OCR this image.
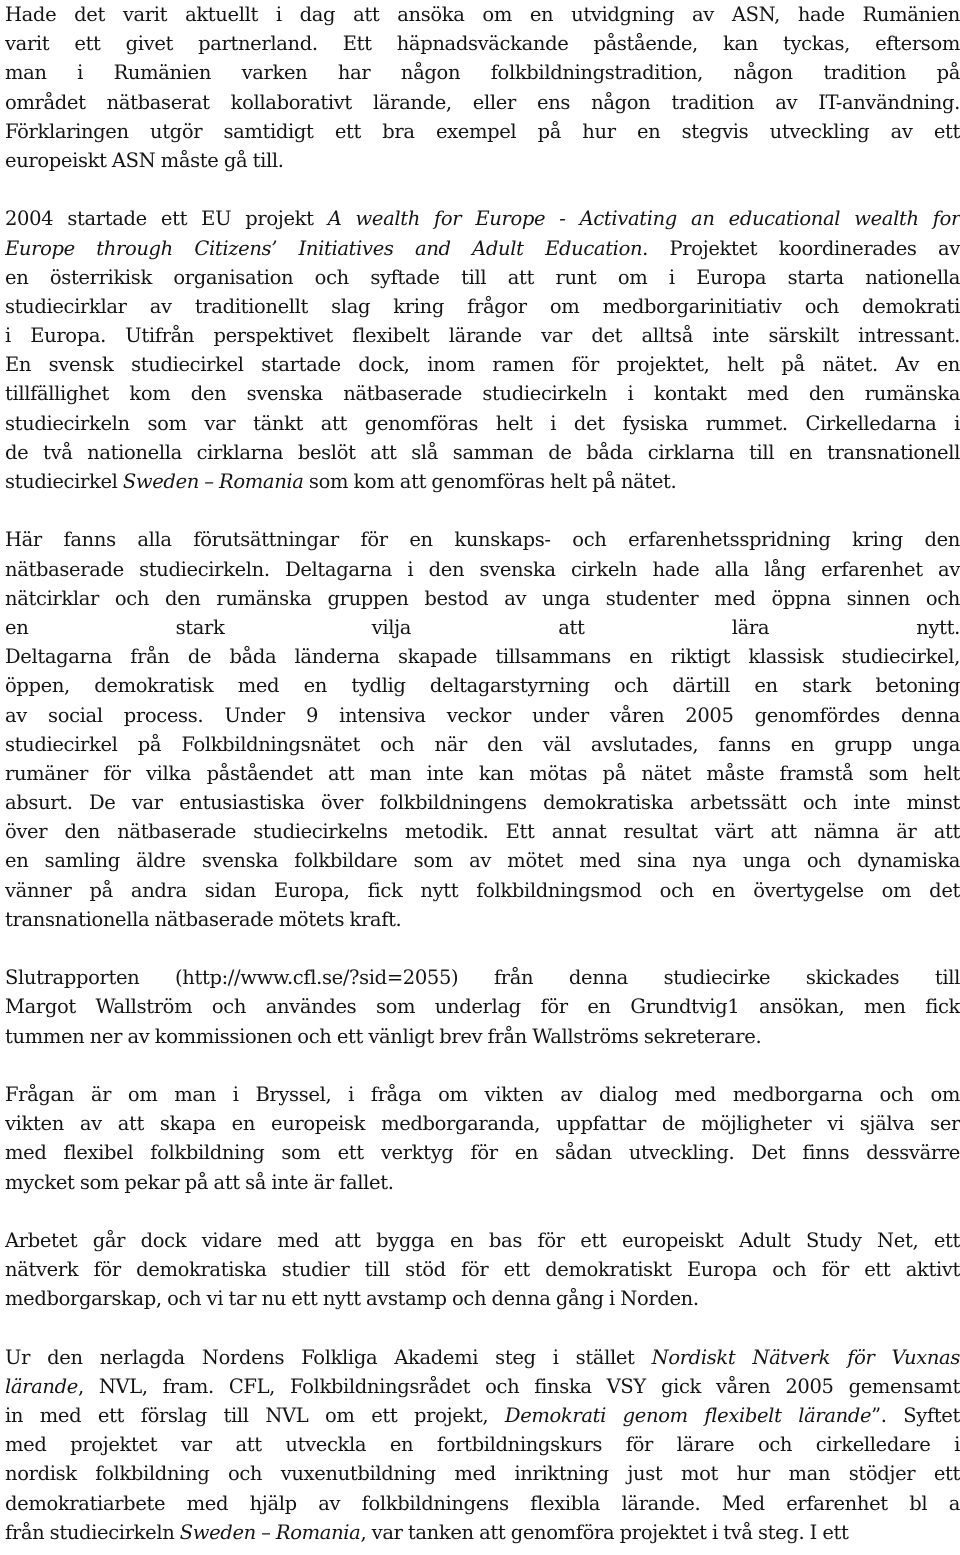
Hade det varit aktuellt i dag att ansöka om en utvidgning av ASN, hade Rumänien
varit ett givet partnerland. Ett häpnadsväckande påstående, kan tyckas, eftersom
man i Rumänien varken har någon folkbildningstradition, någon tradition på
området nätbaserat kollaborativt lärande, eller ens någon tradition av IT-användning.
Förklaringen utgör samtidigt ett bra exempel på hur en stegvis utveckling av ett
europeiskt ASN måste gå till.
2004 startade ett EU projekt A wealth for Europe - Activating an educational wealth for
Europe through Citizens’ Initiatives and Adult Education. Projektet koordinerades av
en österrikisk organisation och syftade till att runt om i Europa starta nationella
studiecirklar av traditionellt slag kring frågor om medborgarinitiativ och demokrati
i Europa. Utifrån perspektivet flexibelt lärande var det alltså inte särskilt intressant.
En svensk studiecirkel startade dock, inom ramen för projektet, helt på nätet. Av en
tillfällighet kom den svenska nätbaserade studiecirkeln i kontakt med den rumänska
studiecirkeln som var tänkt att genomföras helt i det fysiska rummet. Cirkelledarna i
de två nationella cirklarna beslöt att slå samman de båda cirklarna till en transnationell
studiecirkel Sweden – Romania som kom att genomföras helt på nätet.
Här fanns alla förutsättningar för en kunskaps- och erfarenhetsspridning kring den
nätbaserade studiecirkeln. Deltagarna i den svenska cirkeln hade alla lång erfarenhet av
nätcirklar och den rumänska gruppen bestod av unga studenter med öppna sinnen och
en stark vilja att lära nytt.
Deltagarna från de båda länderna skapade tillsammans en riktigt klassisk studiecirkel,
öppen, demokratisk med en tydlig deltagarstyrning och därtill en stark betoning
av social process. Under 9 intensiva veckor under våren 2005 genomfördes denna
studiecirkel på Folkbildningsnätet och när den väl avslutades, fanns en grupp unga
rumäner för vilka påståendet att man inte kan mötas på nätet måste framstå som helt
absurt. De var entusiastiska över folkbildningens demokratiska arbetssätt och inte minst
över den nätbaserade studiecirkelns metodik. Ett annat resultat värt att nämna är att
en samling äldre svenska folkbildare som av mötet med sina nya unga och dynamiska
vänner på andra sidan Europa, fick nytt folkbildningsmod och en övertygelse om det
transnationella nätbaserade mötets kraft.
Slutrapporten (http://www.cfl.se/?sid=2055) från denna studiecirke skickades till
Margot Wallström och användes som underlag för en Grundtvig1 ansökan, men fick
tummen ner av kommissionen och ett vänligt brev från Wallströms sekreterare.
Frågan är om man i Bryssel, i fråga om vikten av dialog med medborgarna och om
vikten av att skapa en europeisk medborgaranda, uppfattar de möjligheter vi själva ser
med flexibel folkbildning som ett verktyg för en sådan utveckling. Det finns dessvärre
mycket som pekar på att så inte är fallet.
Arbetet går dock vidare med att bygga en bas för ett europeiskt Adult Study Net, ett
nätverk för demokratiska studier till stöd för ett demokratiskt Europa och för ett aktivt
medborgarskap, och vi tar nu ett nytt avstamp och denna gång i Norden.
Ur den nerlagda Nordens Folkliga Akademi steg i stället Nordiskt Nätverk för Vuxnas
lärande, NVL, fram. CFL, Folkbildningsrådet och finska VSY gick våren 2005 gemensamt
in med ett förslag till NVL om ett projekt, Demokrati genom flexibelt lärande”. Syftet
med projektet var att utveckla en fortbildningskurs för lärare och cirkelledare i
nordisk folkbildning och vuxenutbildning med inriktning just mot hur man stödjer ett
demokratiarbete med hjälp av folkbildningens flexibla lärande. Med erfarenhet bl a
från studiecirkeln Sweden – Romania, var tanken att genomföra projektet i två steg. I ett
